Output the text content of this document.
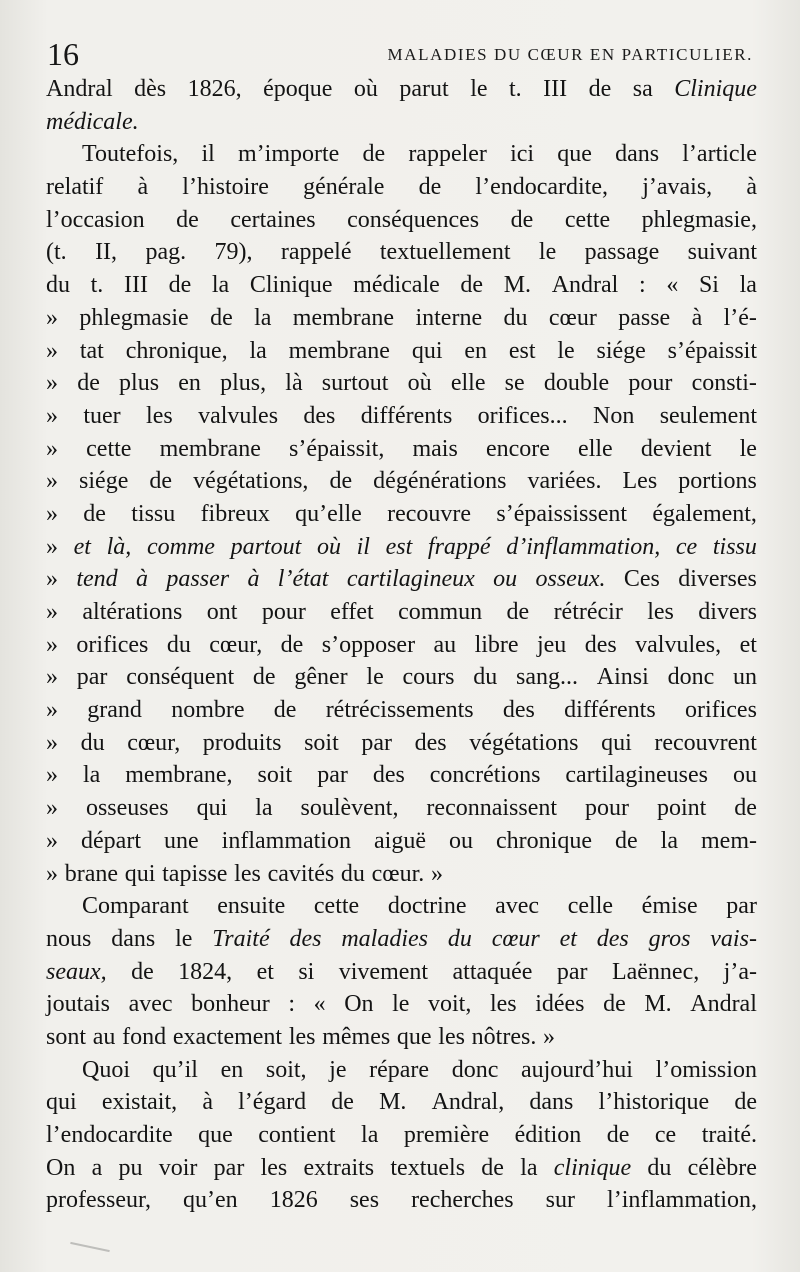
16	MALADIES DU CŒUR EN PARTICULIER.
Andral dès 1826, époque où parut le t. III de sa Clinique
médicale.
Toutefois, il m’importe de rappeler ici que dans l’article
relatif à l’histoire générale de l’endocardite, j’avais, à
l’occasion de certaines conséquences de cette phlegmasie,
(t. II, pag. 79), rappelé textuellement le passage suivant
du t. III de la Clinique médicale de M. Andral : « Si la
» phlegmasie de la membrane interne du cœur passe à l’é-
» tat chronique, la membrane qui en est le siége s’épaissit
» de plus en plus, là surtout où elle se double pour consti-
» tuer les valvules des différents orifices... Non seulement
» cette membrane s’épaissit, mais encore elle devient le
» siége de végétations, de dégénérations variées. Les portions
» de tissu fibreux qu’elle recouvre s’épaississent également,
» et là, comme partout où il est frappé d’inflammation, ce tissu
» tend à passer à l’état cartilagineux ou osseux. Ces diverses
» altérations ont pour effet commun de rétrécir les divers
» orifices du cœur, de s’opposer au libre jeu des valvules, et
» par conséquent de gêner le cours du sang... Ainsi donc un
» grand nombre de rétrécissements des différents orifices
» du cœur, produits soit par des végétations qui recouvrent
» la membrane, soit par des concrétions cartilagineuses ou
» osseuses qui la soulèvent, reconnaissent pour point de
» départ une inflammation aiguë ou chronique de la mem-
» brane qui tapisse les cavités du cœur. »
Comparant ensuite cette doctrine avec celle émise par
nous dans le Traité des maladies du cœur et des gros vais-
seaux, de 1824, et si vivement attaquée par Laënnec, j’a-
joutais avec bonheur : « On le voit, les idées de M. Andral
sont au fond exactement les mêmes que les nôtres. »
Quoi qu’il en soit, je répare donc aujourd’hui l’omission
qui existait, à l’égard de M. Andral, dans l’historique de
l’endocardite que contient la première édition de ce traité.
On a pu voir par les extraits textuels de la clinique du célèbre
professeur, qu’en 1826 ses recherches sur l’inflammation,
